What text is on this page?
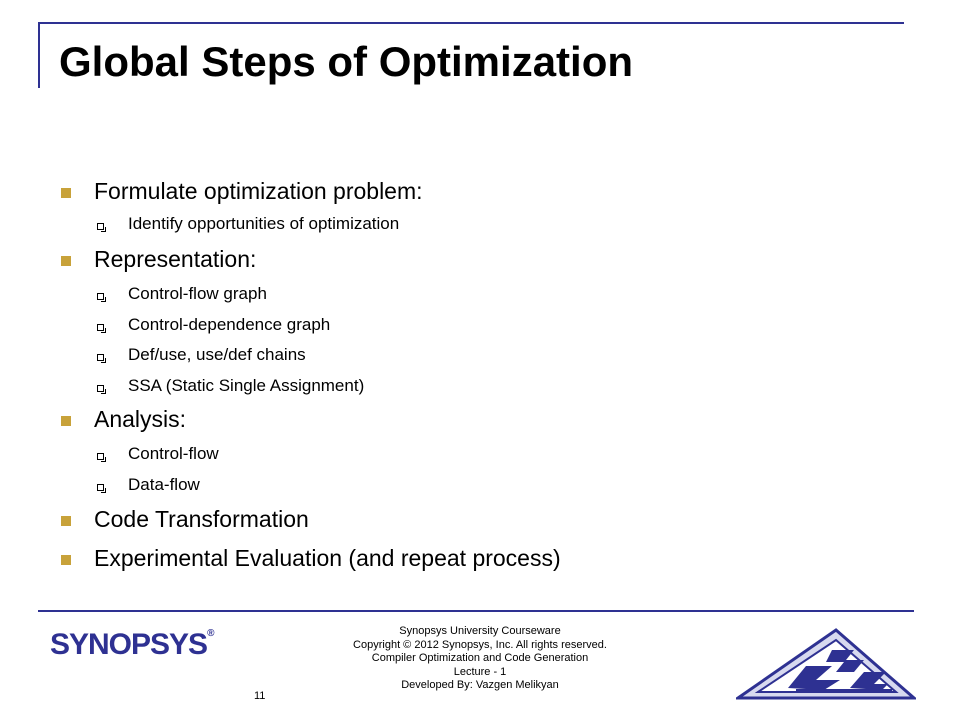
Global Steps of Optimization
Formulate optimization problem:
Identify opportunities of optimization
Representation:
Control-flow graph
Control-dependence graph
Def/use, use/def chains
SSA (Static Single Assignment)
Analysis:
Control-flow
Data-flow
Code Transformation
Experimental Evaluation (and repeat process)
SYNOPSYS®	Synopsys University Courseware
Copyright © 2012 Synopsys, Inc. All rights reserved.
Compiler Optimization and Code Generation
Lecture - 1
Developed By: Vazgen Melikyan
11
